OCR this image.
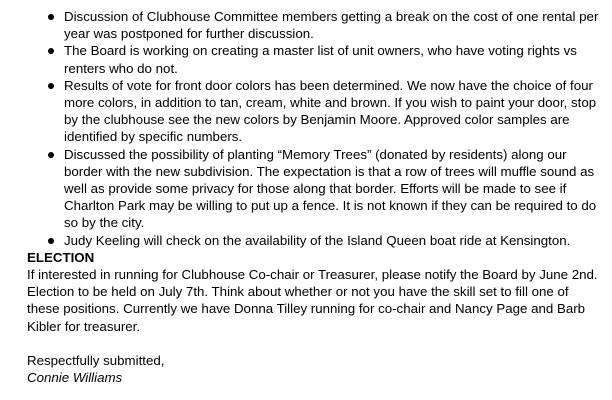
Discussion of Clubhouse Committee members getting a break on the cost of one rental per year was postponed for further discussion.
The Board is working on creating a master list of unit owners, who have voting rights vs renters who do not.
Results of vote for front door colors has been determined. We now have the choice of four more colors, in addition to tan, cream, white and brown. If you wish to paint your door, stop by the clubhouse see the new colors by Benjamin Moore. Approved color samples are identified by specific numbers.
Discussed the possibility of planting “Memory Trees” (donated by residents) along our border with the new subdivision. The expectation is that a row of trees will muffle sound as well as provide some privacy for those along that border. Efforts will be made to see if Charlton Park may be willing to put up a fence. It is not known if they can be required to do so by the city.
Judy Keeling will check on the availability of the Island Queen boat ride at Kensington.

ELECTION

If interested in running for Clubhouse Co-chair or Treasurer, please notify the Board by June 2nd. Election to be held on July 7th. Think about whether or not you have the skill set to fill one of these positions. Currently we have Donna Tilley running for co-chair and Nancy Page and Barb Kibler for treasurer.

Respectfully submitted,

Connie Williams
